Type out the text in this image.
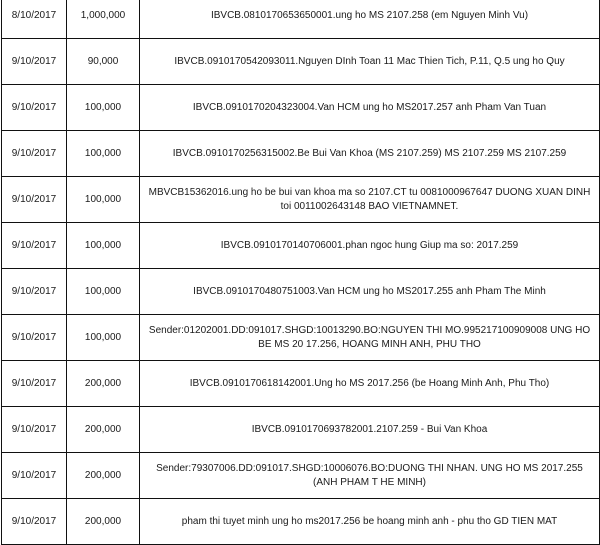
8/10/2017	1,000,000	IBVCB.0810170653650001.ung ho MS 2107.258 (em Nguyen Minh Vu)
9/10/2017	90,000	IBVCB.0910170542093011.Nguyen DInh Toan 11 Mac Thien Tich, P.11, Q.5 ung ho Quy
9/10/2017	100,000	IBVCB.0910170204323004.Van HCM ung ho MS2017.257 anh Pham Van Tuan
9/10/2017	100,000	IBVCB.0910170256315002.Be Bui Van Khoa (MS 2107.259) MS 2107.259 MS 2107.259
9/10/2017	100,000	MBVCB15362016.ung ho be bui van khoa ma so 2107.CT tu 0081000967647 DUONG XUAN DINH toi 0011002643148 BAO VIETNAMNET.
9/10/2017	100,000	IBVCB.0910170140706001.phan ngoc hung Giup ma so: 2017.259
9/10/2017	100,000	IBVCB.0910170480751003.Van HCM ung ho MS2017.255 anh Pham The Minh
9/10/2017	100,000	Sender:01202001.DD:091017.SHGD:10013290.BO:NGUYEN THI MO.995217100909008 UNG HO BE MS 20 17.256, HOANG MINH ANH, PHU THO
9/10/2017	200,000	IBVCB.0910170618142001.Ung ho MS 2017.256 (be Hoang Minh Anh, Phu Tho)
9/10/2017	200,000	IBVCB.0910170693782001.2107.259 - Bui Van Khoa
9/10/2017	200,000	Sender:79307006.DD:091017.SHGD:10006076.BO:DUONG THI NHAN. UNG HO MS 2017.255 (ANH PHAM T HE MINH)
9/10/2017	200,000	pham thi tuyet minh ung ho ms2017.256 be hoang minh anh - phu tho GD TIEN MAT
